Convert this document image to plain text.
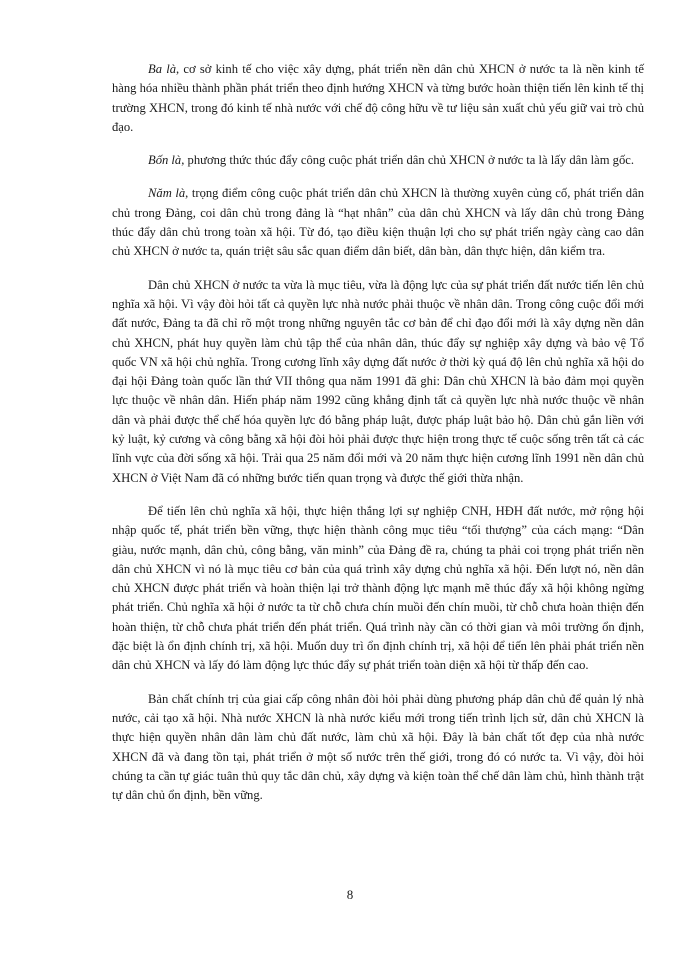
Ba là, cơ sở kinh tế cho việc xây dựng, phát triển nền dân chủ XHCN ở nước ta là nền kinh tế hàng hóa nhiều thành phần phát triển theo định hướng XHCN và từng bước hoàn thiện tiến lên kinh tế thị trường XHCN, trong đó kinh tế nhà nước với chế độ công hữu về tư liệu sản xuất chủ yếu giữ vai trò chủ đạo.

Bốn là, phương thức thúc đẩy công cuộc phát triển dân chủ XHCN ở nước ta là lấy dân làm gốc.

Năm là, trọng điểm công cuộc phát triển dân chủ XHCN là thường xuyên củng cố, phát triển dân chủ trong Đảng, coi dân chủ trong đảng là “hạt nhân” của dân chủ XHCN và lấy dân chủ trong Đảng thúc đẩy dân chủ trong toàn xã hội. Từ đó, tạo điều kiện thuận lợi cho sự phát triển ngày càng cao dân chủ XHCN ở nước ta, quán triệt sâu sắc quan điểm dân biết, dân bàn, dân thực hiện, dân kiểm tra.

Dân chủ XHCN ở nước ta vừa là mục tiêu, vừa là động lực của sự phát triển đất nước tiến lên chủ nghĩa xã hội. Vì vậy đòi hỏi tất cả quyền lực nhà nước phải thuộc về nhân dân. Trong công cuộc đổi mới đất nước, Đảng ta đã chỉ rõ một trong những nguyên tắc cơ bản để chỉ đạo đổi mới là xây dựng nền dân chủ XHCN, phát huy quyền làm chủ tập thể của nhân dân, thúc đẩy sự nghiệp xây dựng và bảo vệ Tổ quốc VN xã hội chủ nghĩa. Trong cương lĩnh xây dựng đất nước ở thời kỳ quá độ lên chủ nghĩa xã hội do đại hội Đảng toàn quốc lần thứ VII thông qua năm 1991 đã ghi: Dân chủ XHCN là bảo đảm mọi quyền lực thuộc về nhân dân. Hiến pháp năm 1992 cũng khẳng định tất cả quyền lực nhà nước thuộc về nhân dân và phải được thể chế hóa quyền lực đó bằng pháp luật, được pháp luật bảo hộ. Dân chủ gắn liền với kỷ luật, kỷ cương và công bằng xã hội đòi hỏi phải được thực hiện trong thực tế cuộc sống trên tất cả các lĩnh vực của đời sống xã hội. Trải qua 25 năm đổi mới và 20 năm thực hiện cương lĩnh 1991 nền dân chủ XHCN ở Việt Nam đã có những bước tiến quan trọng và được thế giới thừa nhận.

Để tiến lên chủ nghĩa xã hội, thực hiện thắng lợi sự nghiệp CNH, HĐH đất nước, mở rộng hội nhập quốc tế, phát triển bền vững, thực hiện thành công mục tiêu “tối thượng” của cách mạng: “Dân giàu, nước mạnh, dân chủ, công bằng, văn minh” của Đảng đề ra, chúng ta phải coi trọng phát triển nền dân chủ XHCN vì nó là mục tiêu cơ bản của quá trình xây dựng chủ nghĩa xã hội. Đến lượt nó, nền dân chủ XHCN được phát triển và hoàn thiện lại trở thành động lực mạnh mẽ thúc đẩy xã hội không ngừng phát triển. Chủ nghĩa xã hội ở nước ta từ chỗ chưa chín muồi đến chín muồi, từ chỗ chưa hoàn thiện đến hoàn thiện, từ chỗ chưa phát triển đến phát triển. Quá trình này cần có thời gian và môi trường ổn định, đặc biệt là ổn định chính trị, xã hội. Muốn duy trì ổn định chính trị, xã hội để tiến lên phải phát triển nền dân chủ XHCN và lấy đó làm động lực thúc đẩy sự phát triển toàn diện xã hội từ thấp đến cao.

Bản chất chính trị của giai cấp công nhân đòi hỏi phải dùng phương pháp dân chủ để quản lý nhà nước, cải tạo xã hội. Nhà nước XHCN là nhà nước kiểu mới trong tiến trình lịch sử, dân chủ XHCN là thực hiện quyền nhân dân làm chủ đất nước, làm chủ xã hội. Đây là bản chất tốt đẹp của nhà nước XHCN đã và đang tồn tại, phát triển ở một số nước trên thế giới, trong đó có nước ta. Vì vậy, đòi hỏi chúng ta cần tự giác tuân thủ quy tắc dân chủ, xây dựng và kiện toàn thể chế dân làm chủ, hình thành trật tự dân chủ ổn định, bền vững.

8
